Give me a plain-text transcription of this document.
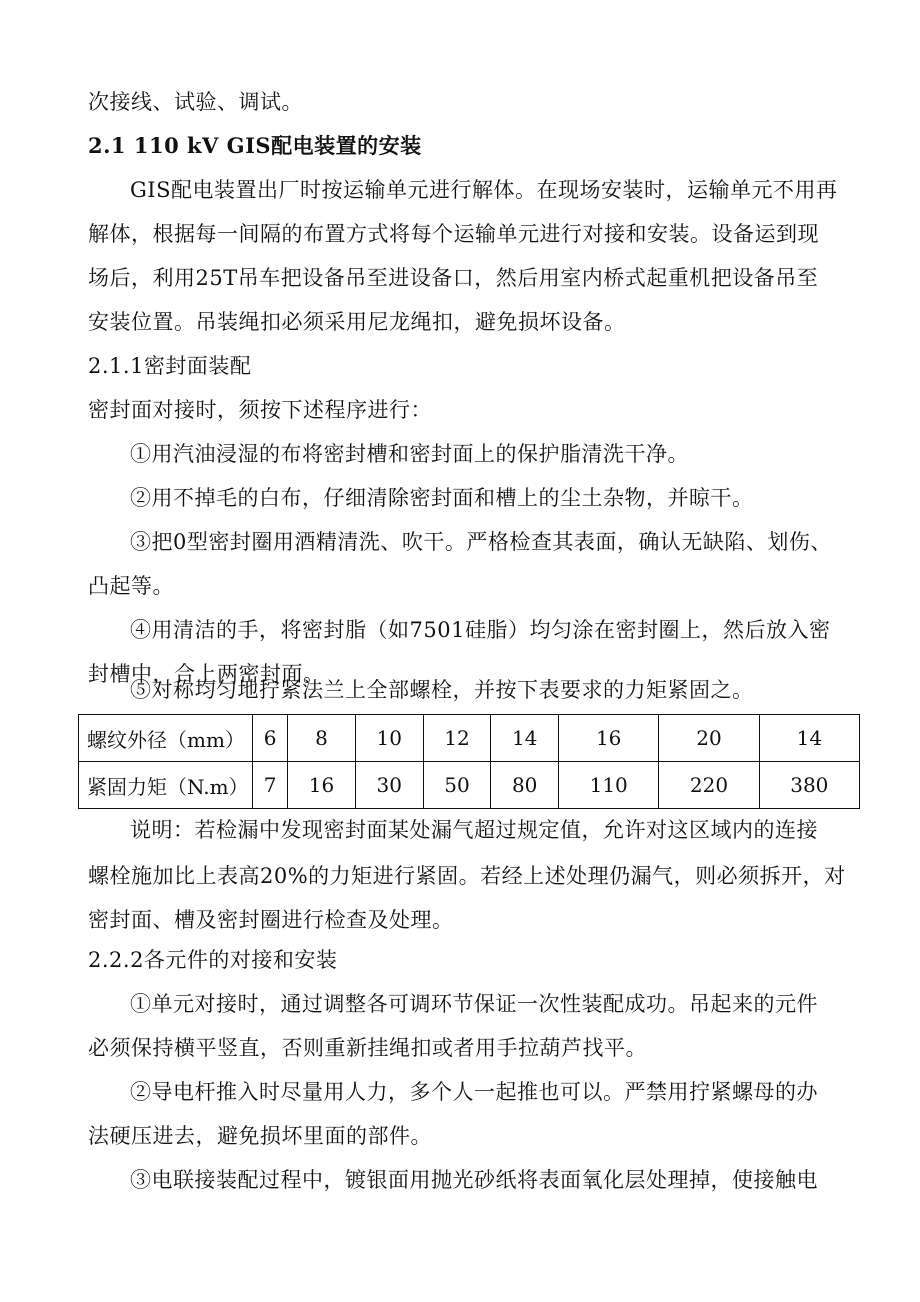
次接线、试验、调试。
2.1 110 kV GIS配电装置的安装
GIS配电装置出厂时按运输单元进行解体。在现场安装时，运输单元不用再
解体，根据每一间隔的布置方式将每个运输单元进行对接和安装。设备运到现
场后，利用25T吊车把设备吊至进设备口，然后用室内桥式起重机把设备吊至
安装位置。吊装绳扣必须采用尼龙绳扣，避免损坏设备。
2.1.1密封面装配
密封面对接时，须按下述程序进行：
①用汽油浸湿的布将密封槽和密封面上的保护脂清洗干净。
②用不掉毛的白布，仔细清除密封面和槽上的尘土杂物，并晾干。
③把0型密封圈用酒精清洗、吹干。严格检查其表面，确认无缺陷、划伤、
凸起等。
④用清洁的手，将密封脂（如7501硅脂）均匀涂在密封圈上，然后放入密
封槽中，合上两密封面。
⑤对称均匀地拧紧法兰上全部螺栓，并按下表要求的力矩紧固之。
螺纹外径（mm）	6	8	10	12	14	16	20	14
紧固力矩（N.m）	7	16	30	50	80	110	220	380
说明：若检漏中发现密封面某处漏气超过规定值，允许对这区域内的连接
螺栓施加比上表高20%的力矩进行紧固。若经上述处理仍漏气，则必须拆开，对
密封面、槽及密封圈进行检查及处理。
2.2.2各元件的对接和安装
①单元对接时，通过调整各可调环节保证一次性装配成功。吊起来的元件
必须保持横平竖直，否则重新挂绳扣或者用手拉葫芦找平。
②导电杆推入时尽量用人力，多个人一起推也可以。严禁用拧紧螺母的办
法硬压进去，避免损坏里面的部件。
③电联接装配过程中，镀银面用抛光砂纸将表面氧化层处理掉，使接触电
